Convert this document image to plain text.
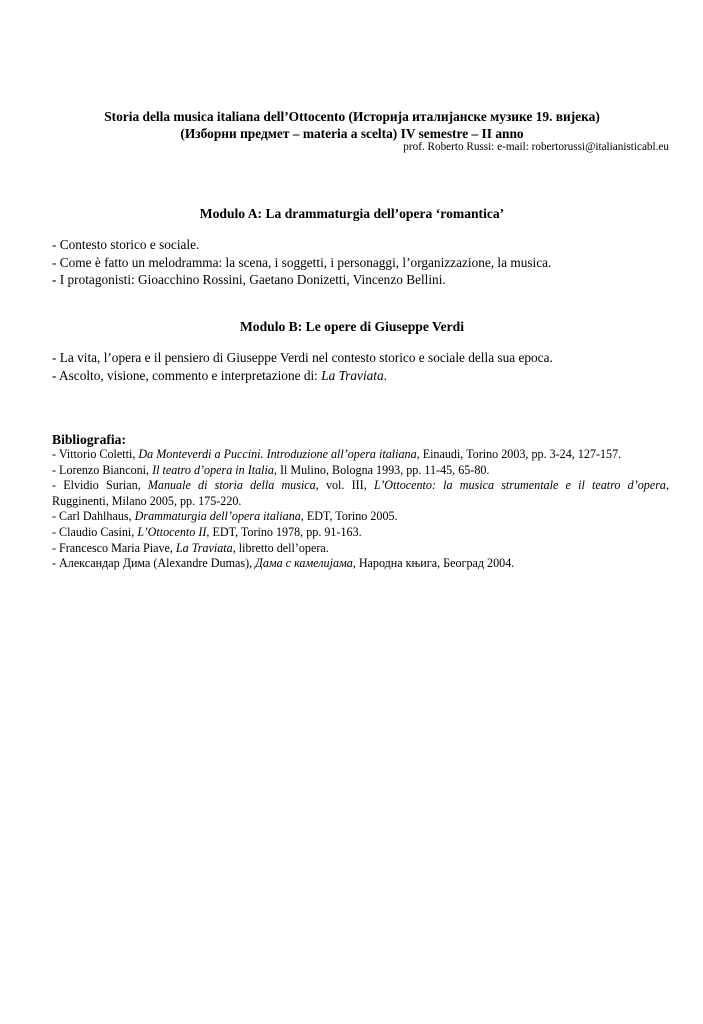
Storia della musica italiana dell’Ottocento (Историја италијанске музике 19. вијека)
(Изборни предмет – materia a scelta) IV semestre – II anno
prof. Roberto Russi: e-mail: robertorussi@italianisticabl.eu
Modulo A: La drammaturgia dell’opera ‘romantica’
- Contesto storico e sociale.
- Come è fatto un melodramma: la scena, i soggetti, i personaggi, l’organizzazione, la musica.
- I protagonisti: Gioacchino Rossini, Gaetano Donizetti, Vincenzo Bellini.
Modulo B: Le opere di Giuseppe Verdi
- La vita, l’opera e il pensiero di Giuseppe Verdi nel contesto storico e sociale della sua epoca.
- Ascolto, visione, commento e interpretazione di: La Traviata.
Bibliografia:
- Vittorio Coletti, Da Monteverdi a Puccini. Introduzione all’opera italiana, Einaudi, Torino 2003, pp. 3-24, 127-157.
- Lorenzo Bianconi, Il teatro d’opera in Italia, Il Mulino, Bologna 1993, pp. 11-45, 65-80.
- Elvidio Surian, Manuale di storia della musica, vol. III, L’Ottocento: la musica strumentale e il teatro d’opera,
Rugginenti, Milano 2005, pp. 175-220.
- Carl Dahlhaus, Drammaturgia dell’opera italiana, EDT, Torino 2005.
- Claudio Casini, L’Ottocento II, EDT, Torino 1978, pp. 91-163.
- Francesco Maria Piave, La Traviata, libretto dell’opera.
- Александар Дима (Alexandre Dumas), Дама с камелијама, Народна књига, Београд 2004.
